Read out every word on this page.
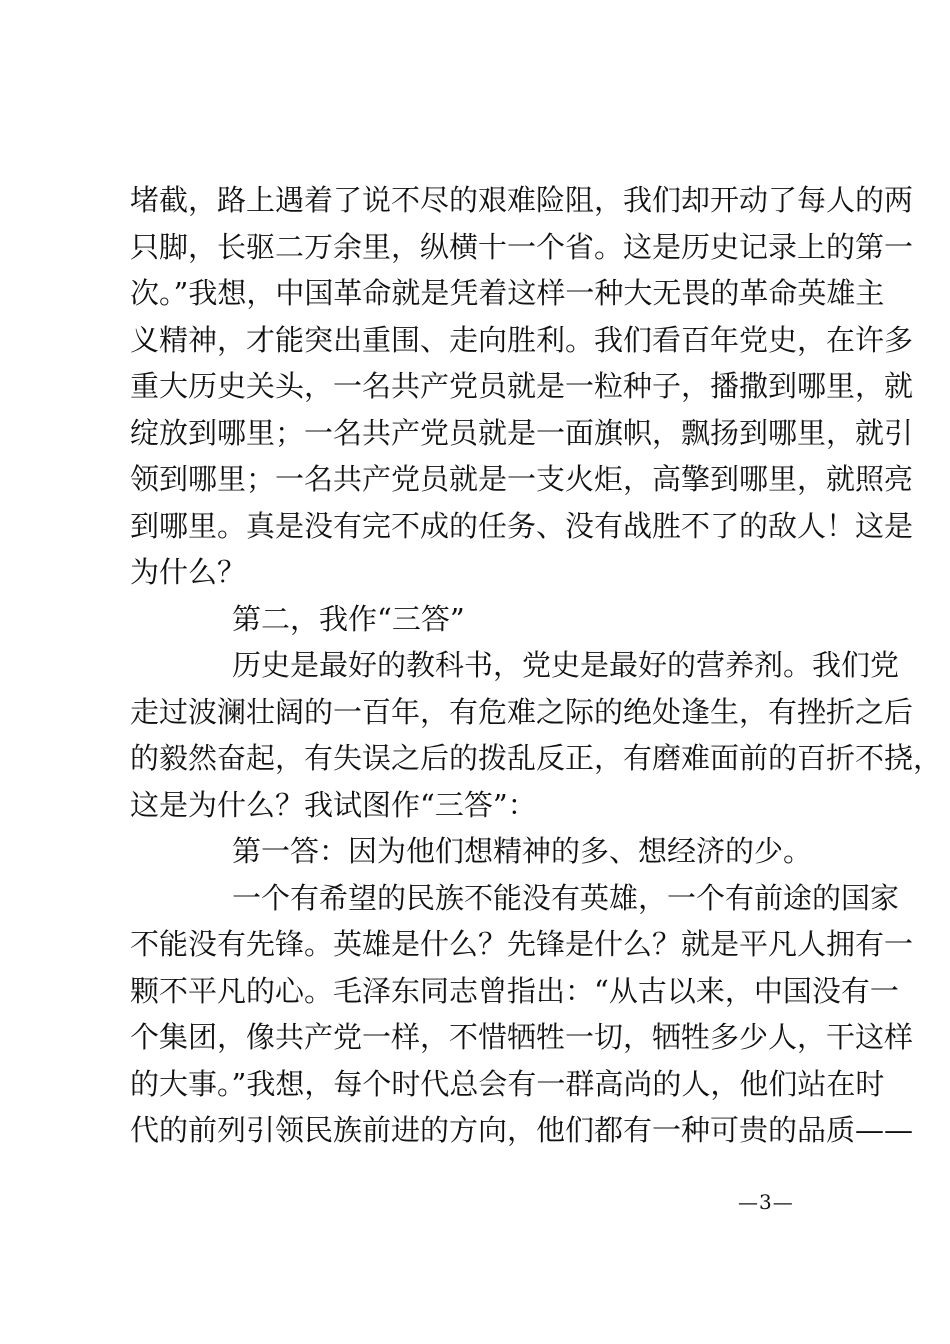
堵截，路上遇着了说不尽的艰难险阻，我们却开动了每人的两
只脚，长驱二万余里，纵横十一个省。这是历史记录上的第一
次。”我想，中国革命就是凭着这样一种大无畏的革命英雄主
义精神，才能突出重围、走向胜利。我们看百年党史，在许多
重大历史关头，一名共产党员就是一粒种子，播撒到哪里，就
绽放到哪里；一名共产党员就是一面旗帜，飘扬到哪里，就引
领到哪里；一名共产党员就是一支火炬，高擎到哪里，就照亮
到哪里。真是没有完不成的任务、没有战胜不了的敌人！这是
为什么？
第二，我作“三答”
历史是最好的教科书，党史是最好的营养剂。我们党
走过波澜壮阔的一百年，有危难之际的绝处逢生，有挫折之后
的毅然奋起，有失误之后的拨乱反正，有磨难面前的百折不挠，
这是为什么？我试图作“三答”：
第一答：因为他们想精神的多、想经济的少。
一个有希望的民族不能没有英雄，一个有前途的国家
不能没有先锋。英雄是什么？先锋是什么？就是平凡人拥有一
颗不平凡的心。毛泽东同志曾指出：“从古以来，中国没有一
个集团，像共产党一样，不惜牺牲一切，牺牲多少人，干这样
的大事。”我想，每个时代总会有一群高尚的人，他们站在时
代的前列引领民族前进的方向，他们都有一种可贵的品质——
—3—
